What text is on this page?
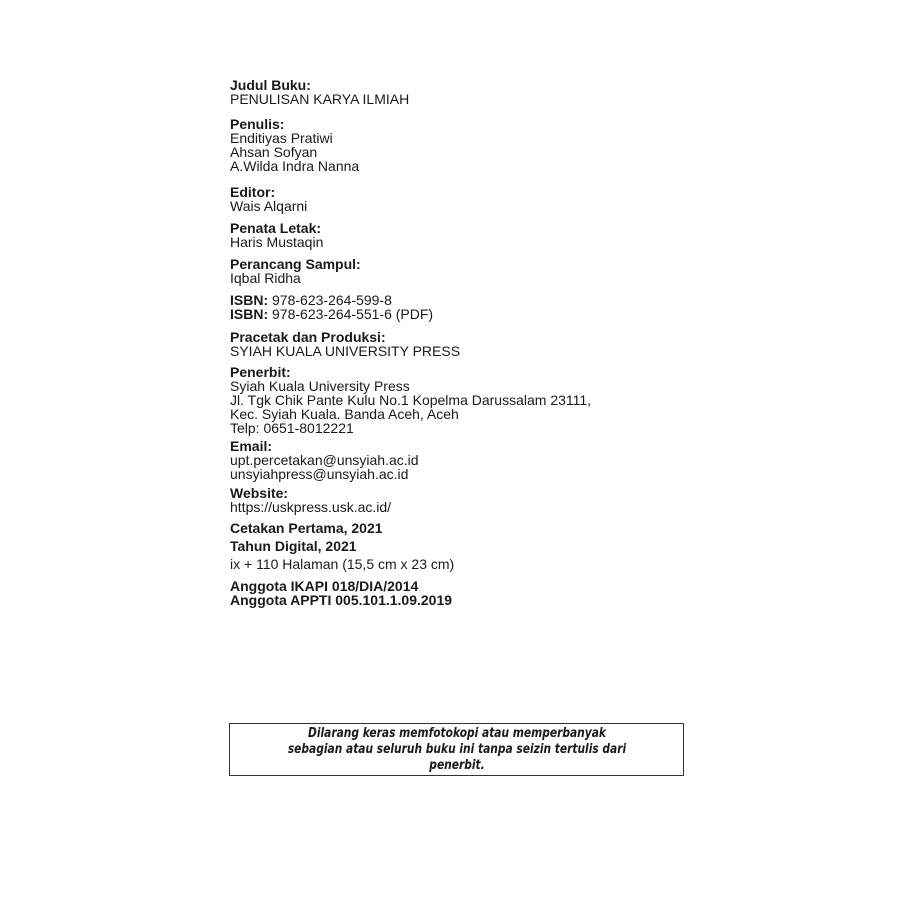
Judul Buku:
PENULISAN KARYA ILMIAH
Penulis:
Enditiyas Pratiwi
Ahsan Sofyan
A.Wilda Indra Nanna
Editor:
Wais Alqarni
Penata Letak:
Haris Mustaqin
Perancang Sampul:
Iqbal Ridha
ISBN: 978-623-264-599-8
ISBN: 978-623-264-551-6 (PDF)
Pracetak dan Produksi:
SYIAH KUALA UNIVERSITY PRESS
Penerbit:
Syiah Kuala University Press
Jl. Tgk Chik Pante Kulu No.1 Kopelma Darussalam 23111,
Kec. Syiah Kuala. Banda Aceh, Aceh
Telp: 0651-8012221
Email:
upt.percetakan@unsyiah.ac.id
unsyiahpress@unsyiah.ac.id
Website:
https://uskpress.usk.ac.id/
Cetakan Pertama, 2021
Tahun Digital, 2021
ix + 110 Halaman (15,5 cm x 23 cm)
Anggota IKAPI 018/DIA/2014
Anggota APPTI 005.101.1.09.2019
Dilarang keras memfotokopi atau memperbanyak sebagian atau seluruh buku ini tanpa seizin tertulis dari penerbit.
